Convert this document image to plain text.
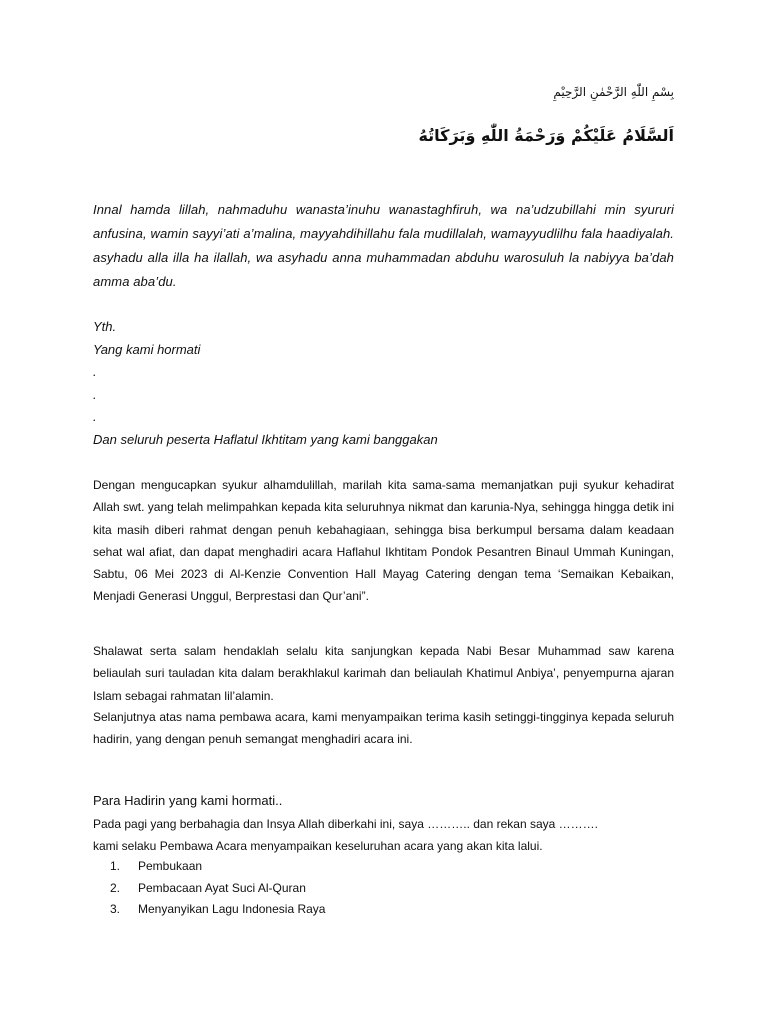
بِسْمِ اللّٰهِ الرَّحْمٰنِ الرَّحِيْمِ
اَلسَّلَامُ عَلَيْكُمْ وَرَحْمَةُ اللّٰهِ وَبَرَكَاتُهُ
Innal hamda lillah, nahmaduhu wanasta’inuhu wanastaghfiruh, wa na’udzubillahi min syururi anfusina, wamin sayyi’ati a’malina, mayyahdihillahu fala mudillalah, wamayyudlilhu fala haadiyalah. asyhadu alla illa ha ilallah, wa asyhadu anna muhammadan abduhu warosuluh la nabiyya ba’dah amma aba’du.
Yth.
Yang kami hormati
.
.
.
Dan seluruh peserta Haflatul Ikhtitam yang kami banggakan
Dengan mengucapkan syukur alhamdulillah, marilah kita sama-sama memanjatkan puji syukur kehadirat Allah swt. yang telah melimpahkan kepada kita seluruhnya nikmat dan karunia-Nya, sehingga hingga detik ini kita masih diberi rahmat dengan penuh kebahagiaan, sehingga bisa berkumpul bersama dalam keadaan sehat wal afiat, dan dapat menghadiri acara Haflahul Ikhtitam Pondok Pesantren Binaul Ummah Kuningan, Sabtu, 06 Mei 2023 di Al-Kenzie Convention Hall Mayag Catering dengan tema ‘Semaikan Kebaikan, Menjadi Generasi Unggul, Berprestasi dan Qur’ani”.
Shalawat serta salam hendaklah selalu kita sanjungkan kepada Nabi Besar Muhammad saw karena beliaulah suri tauladan kita dalam berakhlakul karimah dan beliaulah Khatimul Anbiya’, penyempurna ajaran Islam sebagai rahmatan lil’alamin.
Selanjutnya atas nama pembawa acara, kami menyampaikan terima kasih setinggi-tingginya kepada seluruh hadirin, yang dengan penuh semangat menghadiri acara ini.
Para Hadirin yang kami hormati..
Pada pagi yang berbahagia dan Insya Allah diberkahi ini, saya ……….. dan rekan saya ……….
kami selaku Pembawa Acara menyampaikan keseluruhan acara yang akan kita lalui.
1.	Pembukaan
2.	Pembacaan Ayat Suci Al-Quran
3.	Menyanyikan Lagu Indonesia Raya
